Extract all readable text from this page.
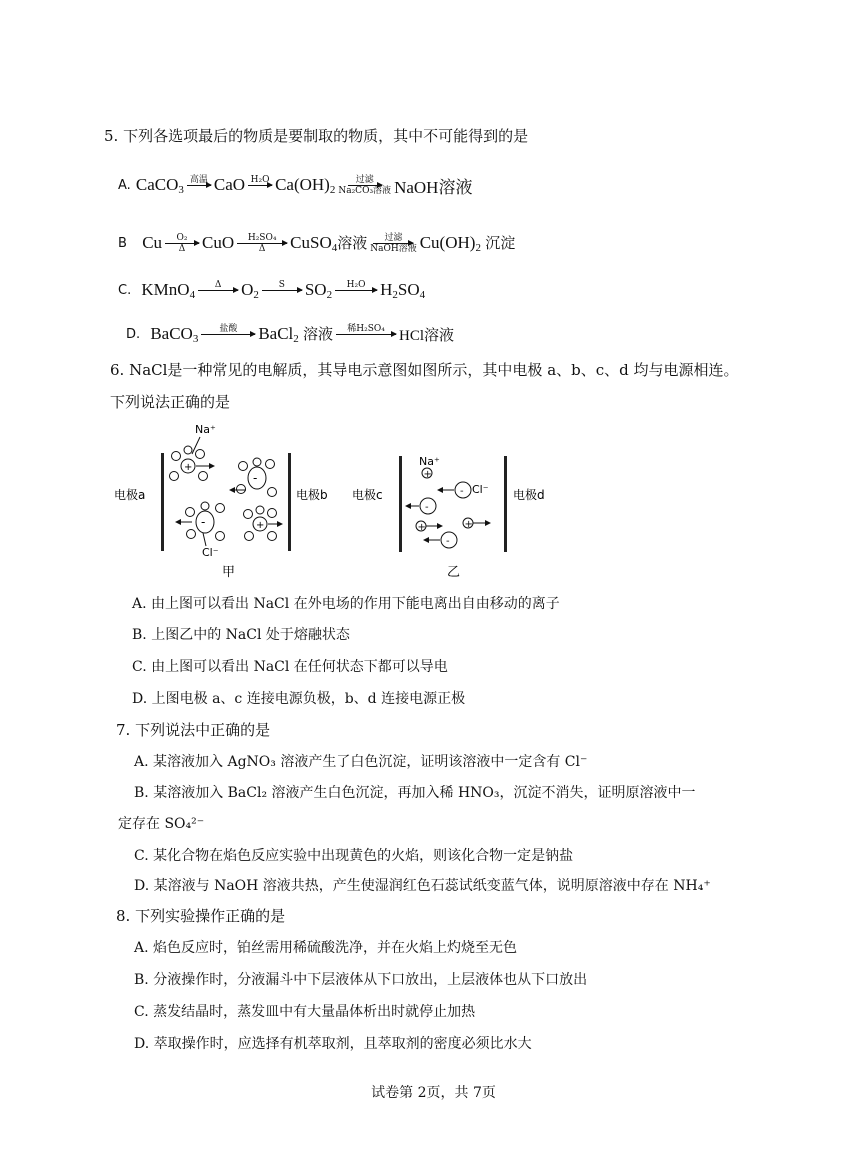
5. 下列各选项最后的物质是要制取的物质，其中不可能得到的是
A.
CaCO$_3$
高温 CaO H₂O $Ca(OH)_2$
过滤
Na₂CO₃溶液 NaOH溶液
B
Cu O₂
Δ CuO H₂SO₄
Δ CuSO$_4$溶液 过滤
NaOH溶液 $Cu(OH)_2$ 沉淀
C.
KMnO$_4$
Δ $O_2$
S $SO_2$
H₂O $H_2SO_4$
D.
BaCO$_3$
盐酸 BaCl$_2$ 溶液 稀H₂SO₄ HCl溶液
6. NaCl是一种常见的电解质，其导电示意图如图所示，其中电极 a、b、c、d 均与电源相连。
下列说法正确的是
电极a	电极b
Na⁺
Cl⁻
甲
+
-
-	+
电极c	电极d
Na⁺
Cl⁻
乙
+
-
-
+	+
-
A. 由上图可以看出 NaCl 在外电场的作用下能电离出自由移动的离子
B. 上图乙中的 NaCl 处于熔融状态
C. 由上图可以看出 NaCl 在任何状态下都可以导电
D. 上图电极 a、c 连接电源负极，b、d 连接电源正极
7. 下列说法中正确的是
A. 某溶液加入 AgNO₃ 溶液产生了白色沉淀，证明该溶液中一定含有 Cl⁻
B. 某溶液加入 BaCl₂ 溶液产生白色沉淀，再加入稀 HNO₃，沉淀不消失，证明原溶液中一
定存在 SO₄²⁻
C. 某化合物在焰色反应实验中出现黄色的火焰，则该化合物一定是钠盐
D. 某溶液与 NaOH 溶液共热，产生使湿润红色石蕊试纸变蓝气体，说明原溶液中存在 NH₄⁺
8. 下列实验操作正确的是
A. 焰色反应时，铂丝需用稀硫酸洗净，并在火焰上灼烧至无色
B. 分液操作时，分液漏斗中下层液体从下口放出，上层液体也从下口放出
C. 蒸发结晶时，蒸发皿中有大量晶体析出时就停止加热
D. 萃取操作时，应选择有机萃取剂，且萃取剂的密度必须比水大
试卷第 2页，共 7页
